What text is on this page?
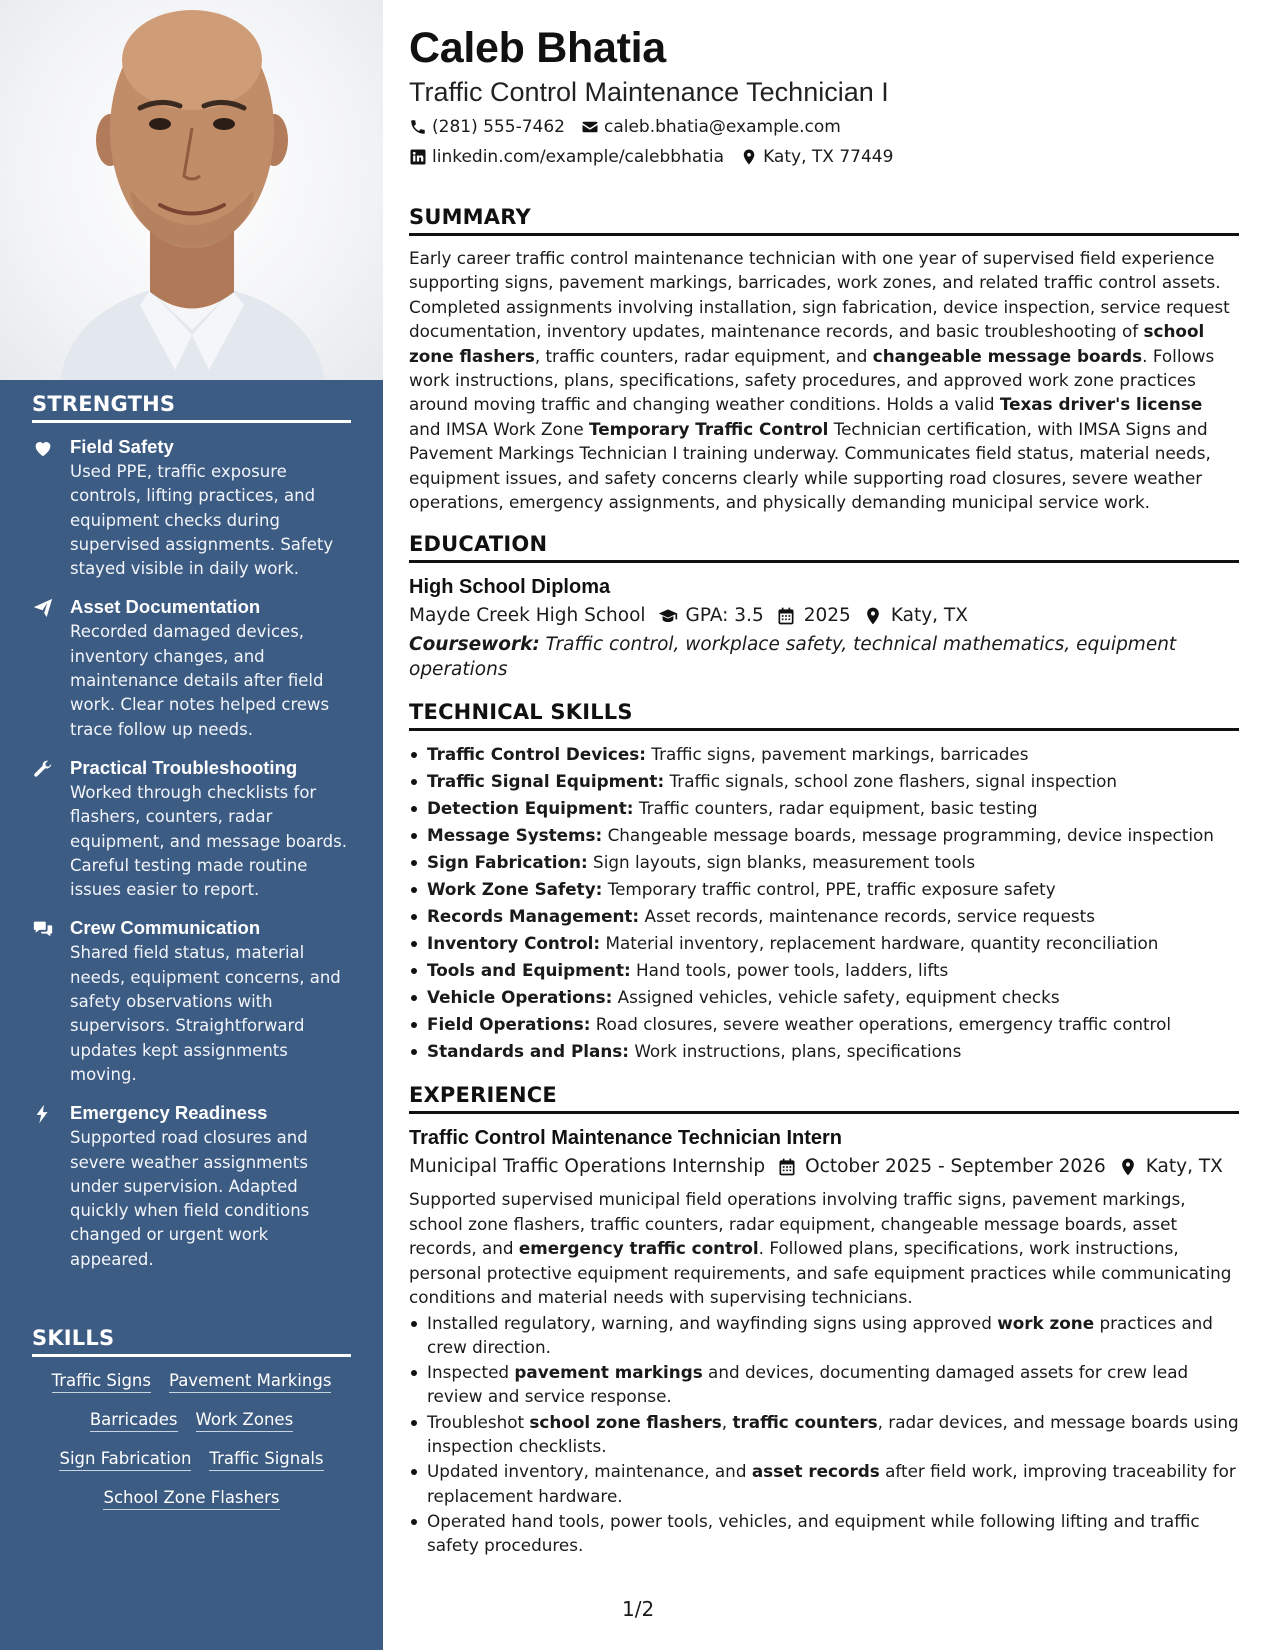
STRENGTHS
Field Safety
Used PPE, traffic exposure controls, lifting practices, and equipment checks during supervised assignments. Safety stayed visible in daily work.
Asset Documentation
Recorded damaged devices, inventory changes, and maintenance details after field work. Clear notes helped crews trace follow up needs.
Practical Troubleshooting
Worked through checklists for flashers, counters, radar equipment, and message boards. Careful testing made routine issues easier to report.
Crew Communication
Shared field status, material needs, equipment concerns, and safety observations with supervisors. Straightforward updates kept assignments moving.
Emergency Readiness
Supported road closures and severe weather assignments under supervision. Adapted quickly when field conditions changed or urgent work appeared.
SKILLS
Traffic Signs Pavement Markings
Barricades Work Zones
Sign Fabrication Traffic Signals
School Zone Flashers
Caleb Bhatia
Traffic Control Maintenance Technician I
(281) 555-7462 caleb.bhatia@example.com
linkedin.com/example/calebbhatia Katy, TX 77449
SUMMARY
Early career traffic control maintenance technician with one year of supervised field experience supporting signs, pavement markings, barricades, work zones, and related traffic control assets. Completed assignments involving installation, sign fabrication, device inspection, service request documentation, inventory updates, maintenance records, and basic troubleshooting of school zone flashers, traffic counters, radar equipment, and changeable message boards. Follows work instructions, plans, specifications, safety procedures, and approved work zone practices around moving traffic and changing weather conditions. Holds a valid Texas driver's license and IMSA Work Zone Temporary Traffic Control Technician certification, with IMSA Signs and Pavement Markings Technician I training underway. Communicates field status, material needs, equipment issues, and safety concerns clearly while supporting road closures, severe weather operations, emergency assignments, and physically demanding municipal service work.
EDUCATION
High School Diploma
Mayde Creek High School GPA: 3.5 2025 Katy, TX
Coursework: Traffic control, workplace safety, technical mathematics, equipment operations
TECHNICAL SKILLS
Traffic Control Devices: Traffic signs, pavement markings, barricades
Traffic Signal Equipment: Traffic signals, school zone flashers, signal inspection
Detection Equipment: Traffic counters, radar equipment, basic testing
Message Systems: Changeable message boards, message programming, device inspection
Sign Fabrication: Sign layouts, sign blanks, measurement tools
Work Zone Safety: Temporary traffic control, PPE, traffic exposure safety
Records Management: Asset records, maintenance records, service requests
Inventory Control: Material inventory, replacement hardware, quantity reconciliation
Tools and Equipment: Hand tools, power tools, ladders, lifts
Vehicle Operations: Assigned vehicles, vehicle safety, equipment checks
Field Operations: Road closures, severe weather operations, emergency traffic control
Standards and Plans: Work instructions, plans, specifications
EXPERIENCE
Traffic Control Maintenance Technician Intern
Municipal Traffic Operations Internship October 2025 - September 2026 Katy, TX
Supported supervised municipal field operations involving traffic signs, pavement markings, school zone flashers, traffic counters, radar equipment, changeable message boards, asset records, and emergency traffic control. Followed plans, specifications, work instructions, personal protective equipment requirements, and safe equipment practices while communicating conditions and material needs with supervising technicians.
Installed regulatory, warning, and wayfinding signs using approved work zone practices and crew direction.
Inspected pavement markings and devices, documenting damaged assets for crew lead review and service response.
Troubleshot school zone flashers, traffic counters, radar devices, and message boards using inspection checklists.
Updated inventory, maintenance, and asset records after field work, improving traceability for replacement hardware.
Operated hand tools, power tools, vehicles, and equipment while following lifting and traffic safety procedures.
1/2
